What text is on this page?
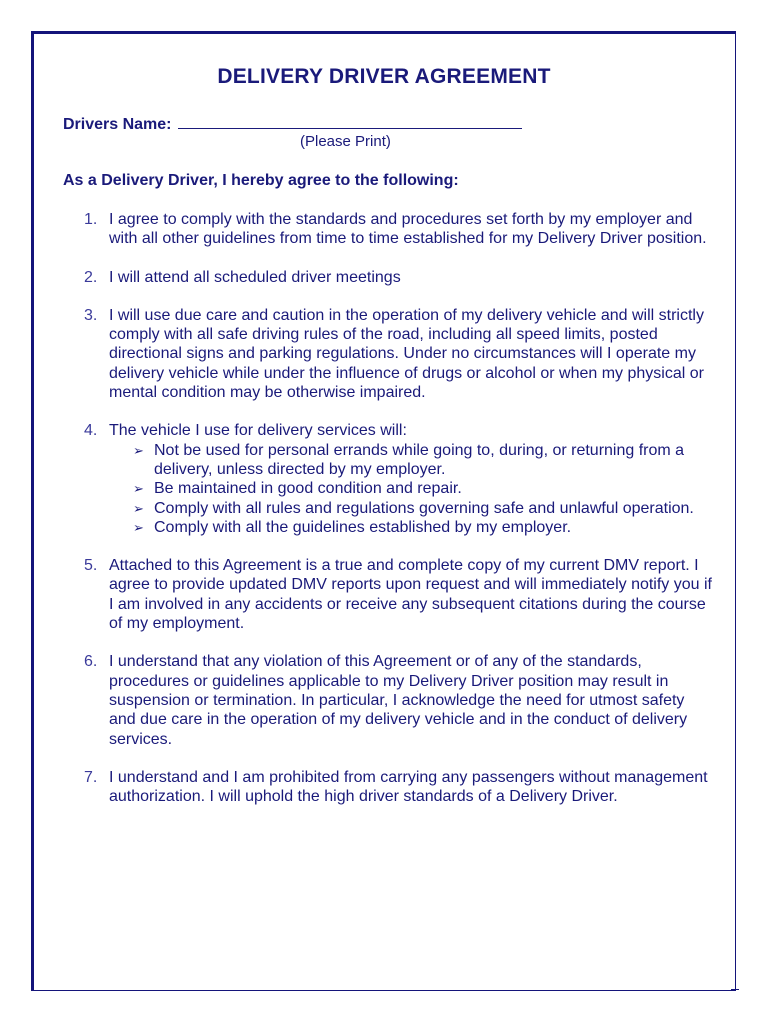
DELIVERY DRIVER AGREEMENT
Drivers Name:
(Please Print)
As a Delivery Driver, I hereby agree to the following:
1. I agree to comply with the standards and procedures set forth by my employer and with all other guidelines from time to time established for my Delivery Driver position.
2. I will attend all scheduled driver meetings
3. I will use due care and caution in the operation of my delivery vehicle and will strictly comply with all safe driving rules of the road, including all speed limits, posted directional signs and parking regulations. Under no circumstances will I operate my delivery vehicle while under the influence of drugs or alcohol or when my physical or mental condition may be otherwise impaired.
4. The vehicle I use for delivery services will:
➢ Not be used for personal errands while going to, during, or returning from a delivery, unless directed by my employer.
➢ Be maintained in good condition and repair.
➢ Comply with all rules and regulations governing safe and unlawful operation.
➢ Comply with all the guidelines established by my employer.
5. Attached to this Agreement is a true and complete copy of my current DMV report. I agree to provide updated DMV reports upon request and will immediately notify you if I am involved in any accidents or receive any subsequent citations during the course of my employment.
6. I understand that any violation of this Agreement or of any of the standards, procedures or guidelines applicable to my Delivery Driver position may result in suspension or termination. In particular, I acknowledge the need for utmost safety and due care in the operation of my delivery vehicle and in the conduct of delivery services.
7. I understand and I am prohibited from carrying any passengers without management authorization. I will uphold the high driver standards of a Delivery Driver.
